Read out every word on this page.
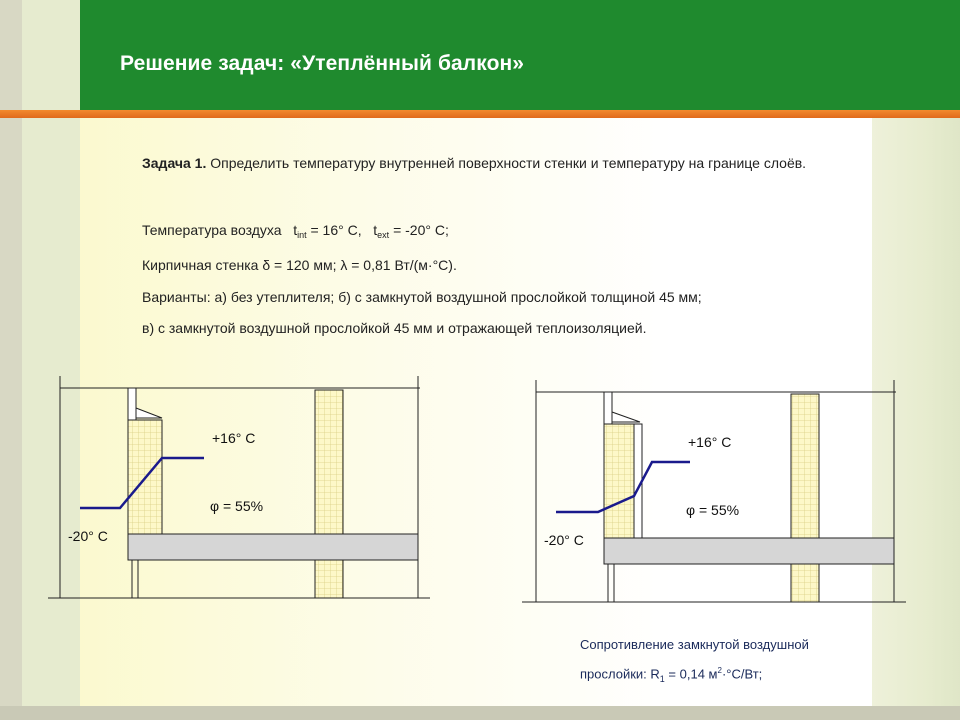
Решение задач: «Утеплённый балкон»
Задача 1. Определить температуру внутренней поверхности стенки и температуру на границе слоёв.
Температура воздуха $t_{int} = 16^\circ$ С, $t_{ext} = -20^\circ$ С;
Кирпичная стенка δ = 120 мм; λ = 0,81 Вт/(м·°С).
Варианты: а) без утеплителя; б) с замкнутой воздушной прослойкой толщиной 45 мм;
в) с замкнутой воздушной прослойкой 45 мм и отражающей теплоизоляцией.
+16° С
φ = 55%
-20° С
+16° С
φ = 55%
-20° С
Сопротивление замкнутой воздушной
прослойки: $R_1 = 0,14$ $м^2\cdot^\circ С/Вт$;
